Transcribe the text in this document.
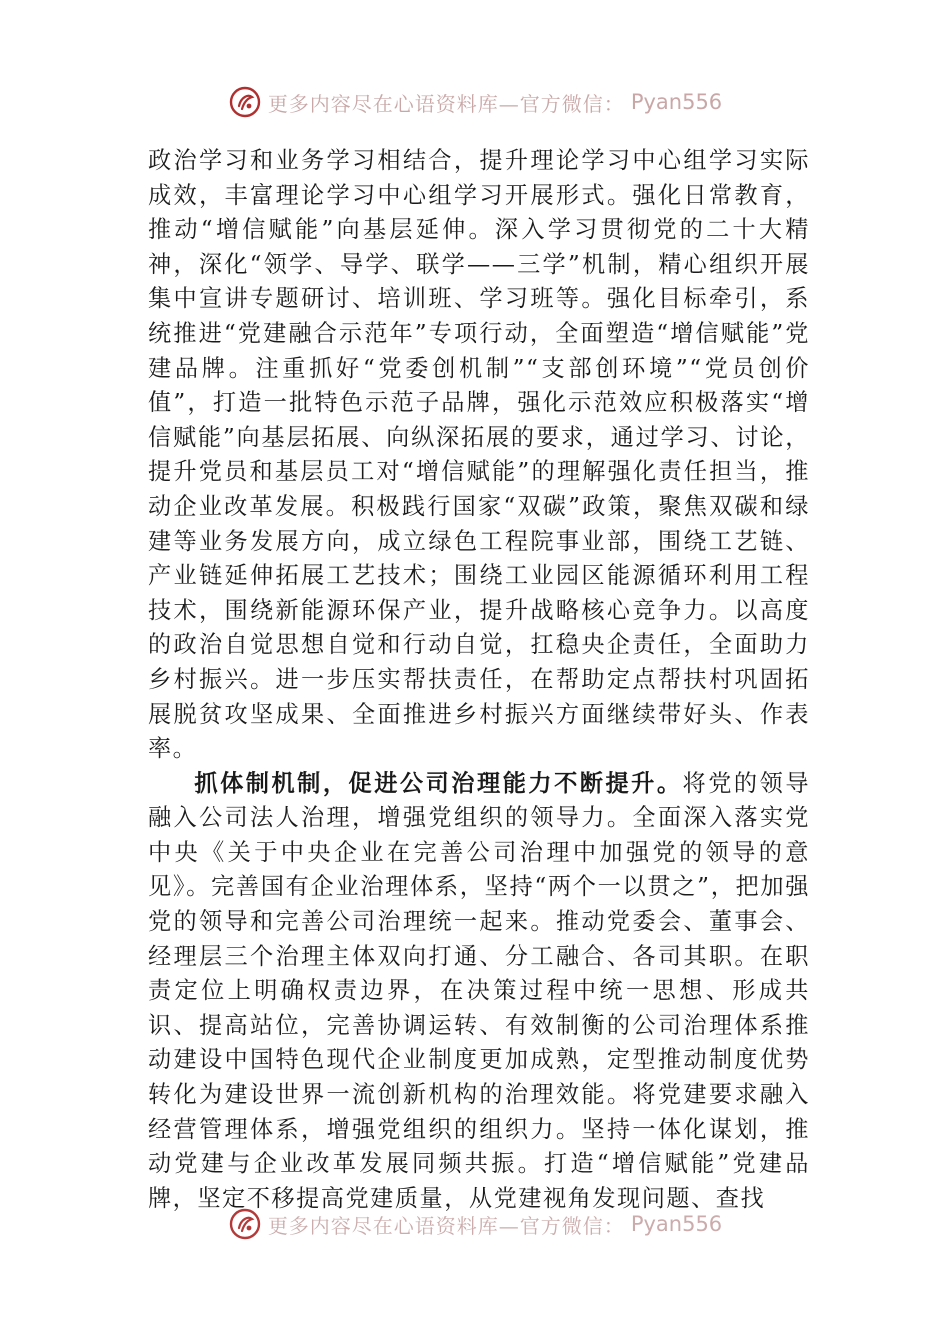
更多内容尽在心语资料库—官方微信： Pyan556

政治学习和业务学习相结合，提升理论学习中心组学习实际成效，丰富理论学习中心组学习开展形式。强化日常教育，推动“增信赋能”向基层延伸。深入学习贯彻党的二十大精神，深化“领学、导学、联学——三学”机制，精心组织开展集中宣讲专题研讨、培训班、学习班等。强化目标牵引，系统推进“党建融合示范年”专项行动，全面塑造“增信赋能”党建品牌。注重抓好“党委创机制”“支部创环境”“党员创价值”，打造一批特色示范子品牌，强化示范效应积极落实“增信赋能”向基层拓展、向纵深拓展的要求，通过学习、讨论，提升党员和基层员工对“增信赋能”的理解强化责任担当，推动企业改革发展。积极践行国家“双碳”政策，聚焦双碳和绿建等业务发展方向，成立绿色工程院事业部，围绕工艺链、产业链延伸拓展工艺技术；围绕工业园区能源循环利用工程技术，围绕新能源环保产业，提升战略核心竞争力。以高度的政治自觉思想自觉和行动自觉，扛稳央企责任，全面助力乡村振兴。进一步压实帮扶责任，在帮助定点帮扶村巩固拓展脱贫攻坚成果、全面推进乡村振兴方面继续带好头、作表率。

抓体制机制，促进公司治理能力不断提升。将党的领导融入公司法人治理，增强党组织的领导力。全面深入落实党中央《关于中央企业在完善公司治理中加强党的领导的意见》。完善国有企业治理体系，坚持“两个一以贯之”，把加强党的领导和完善公司治理统一起来。推动党委会、董事会、经理层三个治理主体双向打通、分工融合、各司其职。在职责定位上明确权责边界，在决策过程中统一思想、形成共识、提高站位，完善协调运转、有效制衡的公司治理体系推动建设中国特色现代企业制度更加成熟，定型推动制度优势转化为建设世界一流创新机构的治理效能。将党建要求融入经营管理体系，增强党组织的组织力。坚持一体化谋划，推动党建与企业改革发展同频共振。打造“增信赋能”党建品牌，坚定不移提高党建质量，从党建视角发现问题、查找

更多内容尽在心语资料库—官方微信： Pyan556
